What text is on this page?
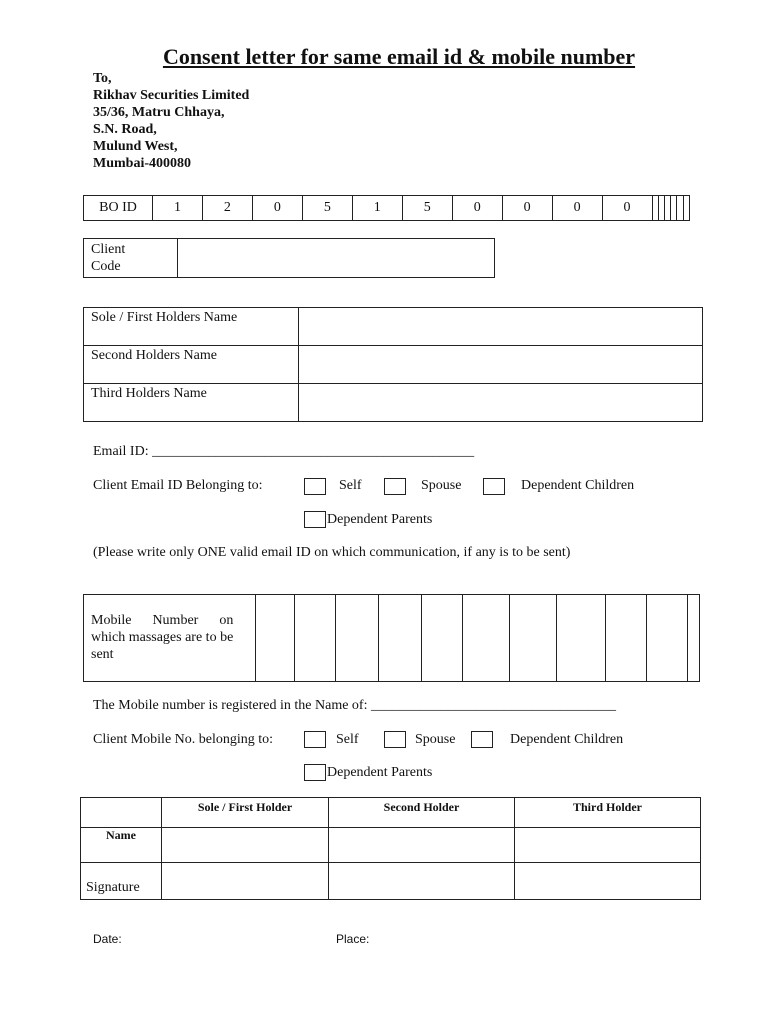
Consent letter for same email id & mobile number
To,
Rikhav Securities Limited
35/36, Matru Chhaya,
S.N. Road,
Mulund West,
Mumbai-400080
BO ID	1	2	0	5	1	5	0	0	0	0						
Client
Code

Sole / First Holders Name	
Second Holders Name	
Third Holders Name	
Email ID: ______________________________________________
Client Email ID Belonging to:	Self	Spouse	Dependent Children
Dependent Parents
(Please write only ONE valid email ID on which communication, if any is to be sent)
Mobile      Number      on
which massages are to be
sent

The Mobile number is registered in the Name of: ___________________________________
Client Mobile No. belonging to:	Self	Spouse	Dependent Children
Dependent Parents
	Sole / First Holder	Second Holder	Third Holder
Name			
Signature			
Date:	Place:
